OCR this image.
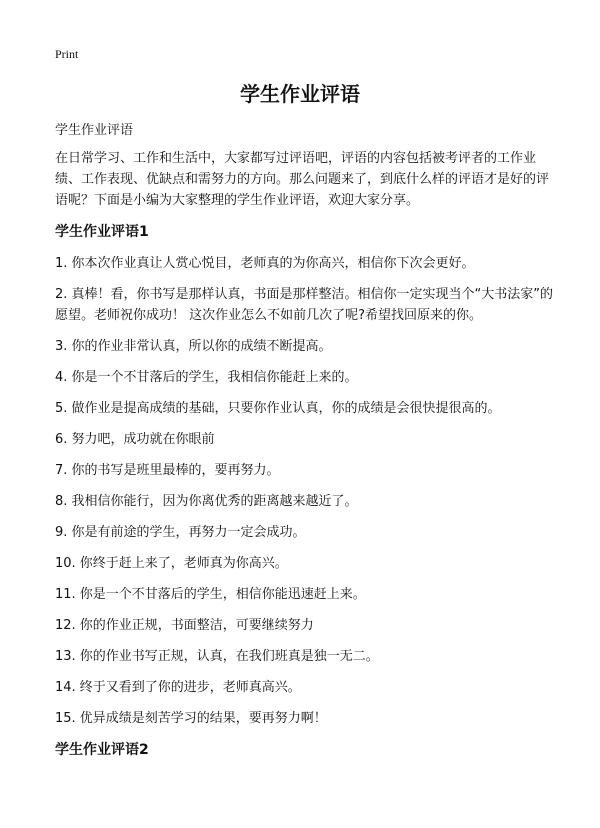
Print
学生作业评语

学生作业评语

在日常学习、工作和生活中，大家都写过评语吧，评语的内容包括被考评者的工作业绩、工作表现、优缺点和需努力的方向。那么问题来了，到底什么样的评语才是好的评语呢？下面是小编为大家整理的学生作业评语，欢迎大家分享。

学生作业评语1
1. 你本次作业真让人赏心悦目，老师真的为你高兴，相信你下次会更好。
2. 真棒！看，你书写是那样认真，书面是那样整洁。相信你一定实现当个“大书法家”的愿望。老师祝你成功！ 这次作业怎么不如前几次了呢?希望找回原来的你。
3. 你的作业非常认真，所以你的成绩不断提高。
4. 你是一个不甘落后的学生，我相信你能赶上来的。
5. 做作业是提高成绩的基础，只要你作业认真，你的成绩是会很快提很高的。
6. 努力吧，成功就在你眼前
7. 你的书写是班里最棒的，要再努力。
8. 我相信你能行，因为你离优秀的距离越来越近了。
9. 你是有前途的学生，再努力一定会成功。
10. 你终于赶上来了，老师真为你高兴。
11. 你是一个不甘落后的学生，相信你能迅速赶上来。
12. 你的作业正规，书面整洁，可要继续努力
13. 你的作业书写正规，认真，在我们班真是独一无二。
14. 终于又看到了你的进步，老师真高兴。
15. 优异成绩是刻苦学习的结果，要再努力啊！
学生作业评语2
